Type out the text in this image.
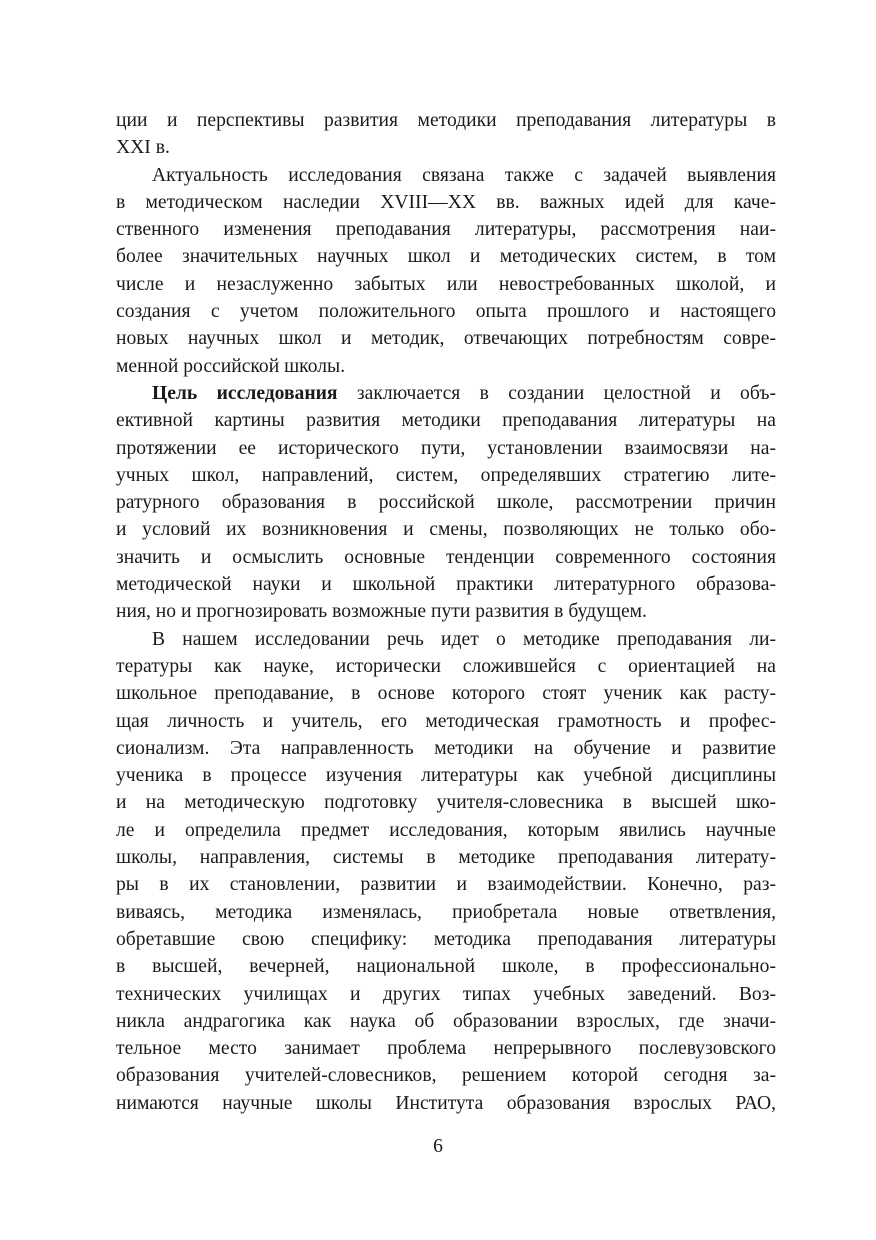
ции и перспективы развития методики преподавания литературы в
XXI в.
Актуальность исследования связана также с задачей выявления
в методическом наследии XVIII—XX вв. важных идей для каче-
ственного изменения преподавания литературы, рассмотрения наи-
более значительных научных школ и методических систем, в том
числе и незаслуженно забытых или невостребованных школой, и
создания с учетом положительного опыта прошлого и настоящего
новых научных школ и методик, отвечающих потребностям совре-
менной российской школы.
Цель исследования заключается в создании целостной и объ-
ективной картины развития методики преподавания литературы на
протяжении ее исторического пути, установлении взаимосвязи на-
учных школ, направлений, систем, определявших стратегию лите-
ратурного образования в российской школе, рассмотрении причин
и условий их возникновения и смены, позволяющих не только обо-
значить и осмыслить основные тенденции современного состояния
методической науки и школьной практики литературного образова-
ния, но и прогнозировать возможные пути развития в будущем.
В нашем исследовании речь идет о методике преподавания ли-
тературы как науке, исторически сложившейся с ориентацией на
школьное преподавание, в основе которого стоят ученик как расту-
щая личность и учитель, его методическая грамотность и профес-
сионализм. Эта направленность методики на обучение и развитие
ученика в процессе изучения литературы как учебной дисциплины
и на методическую подготовку учителя-словесника в высшей шко-
ле и определила предмет исследования, которым явились научные
школы, направления, системы в методике преподавания литерату-
ры в их становлении, развитии и взаимодействии. Конечно, раз-
виваясь, методика изменялась, приобретала новые ответвления,
обретавшие свою специфику: методика преподавания литературы
в высшей, вечерней, национальной школе, в профессионально-
технических училищах и других типах учебных заведений. Воз-
никла андрагогика как наука об образовании взрослых, где значи-
тельное место занимает проблема непрерывного послевузовского
образования учителей-словесников, решением которой сегодня за-
нимаются научные школы Института образования взрослых РАО,
6
